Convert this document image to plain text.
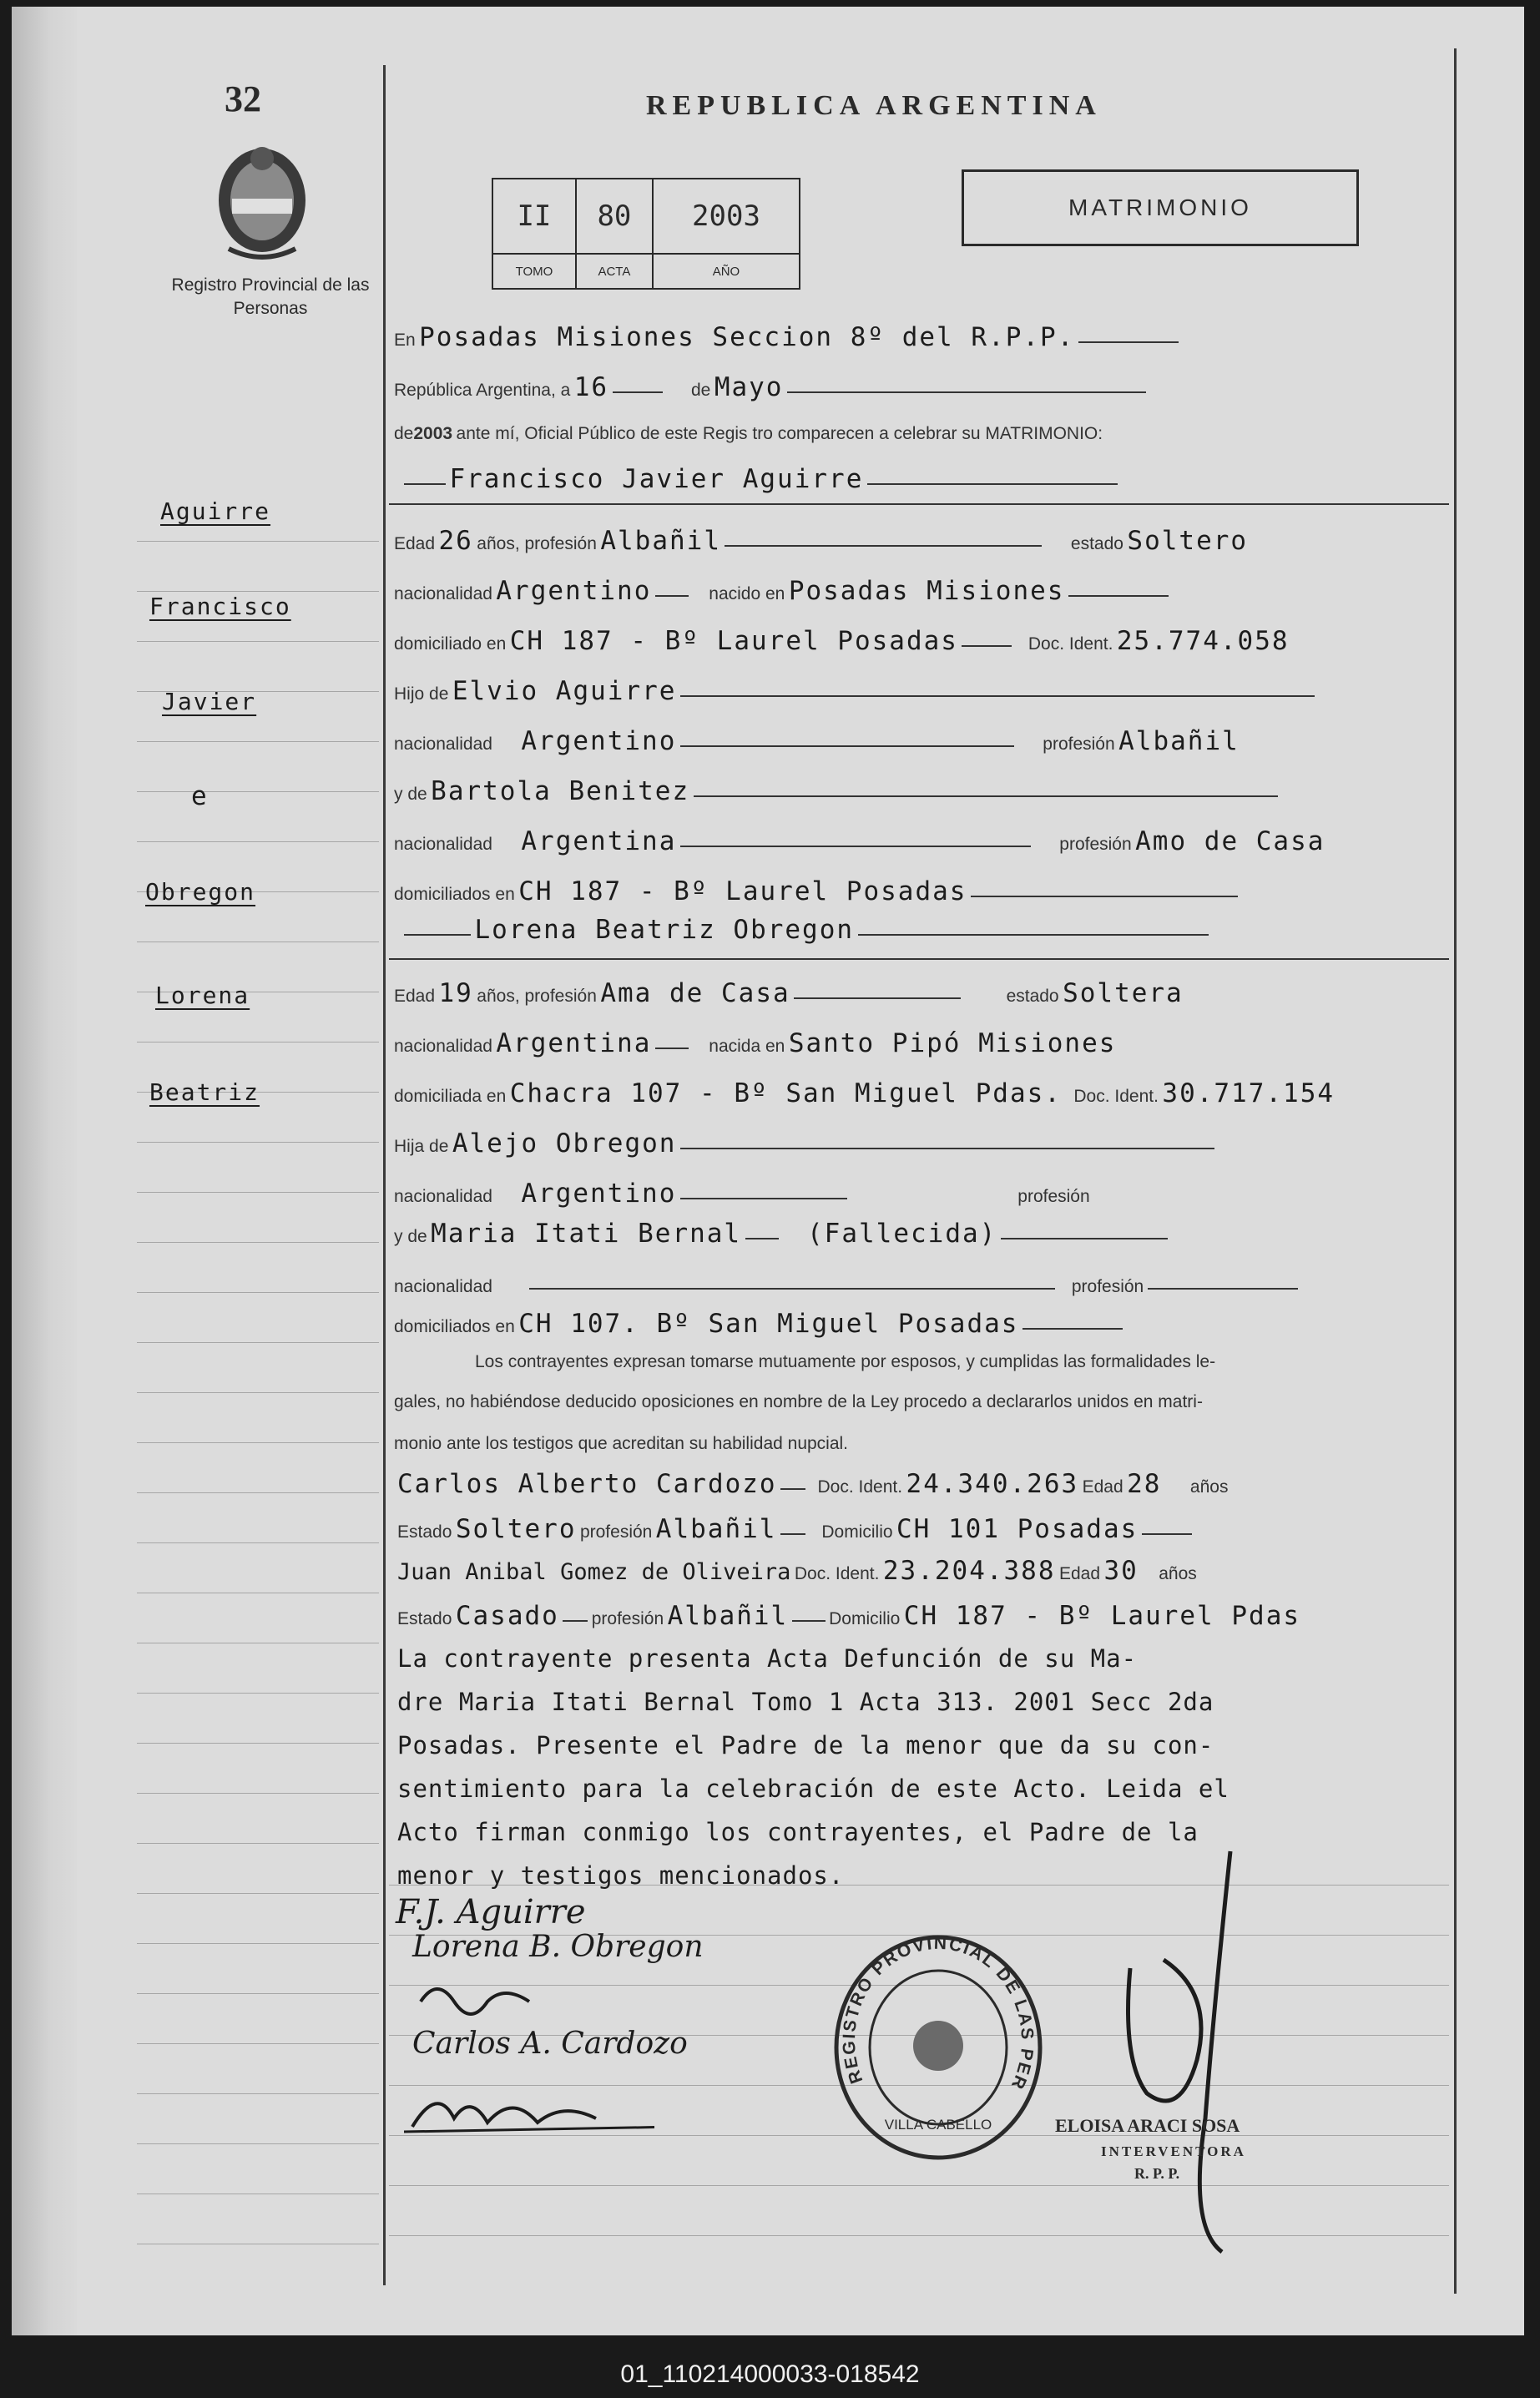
32
Registro Provincial de las Personas
Aguirre
Francisco
Javier
e
Obregon
Lorena
Beatriz
REPUBLICA ARGENTINA
II	80	2003
TOMO	ACTA	AÑO
MATRIMONIO
En Posadas Misiones Seccion 8º del R.P.P.
República Argentina, a 16	de Mayo
de2003 ante mí, Oficial Público de este Regis tro comparecen a celebrar su MATRIMONIO:
Francisco Javier Aguirre
Edad 26 años, profesión Albañil	estado Soltero
nacionalidad Argentino	nacido en Posadas Misiones
domiciliado en CH 187 - Bº Laurel Posadas	Doc. Ident. 25.774.058
Hijo de Elvio Aguirre
nacionalidad Argentino	profesión Albañil
y de Bartola Benitez
nacionalidad Argentina	profesión Amo de Casa
domiciliados en CH 187 - Bº Laurel Posadas
Lorena Beatriz Obregon
Edad 19 años, profesión Ama de Casa	estado Soltera
nacionalidad Argentina	nacida en Santo Pipó Misiones
domiciliada en Chacra 107 - Bº San Miguel Pdas. Doc. Ident. 30.717.154
Hija de Alejo Obregon
nacionalidad Argentino	profesión
y de Maria Itati Bernal	(Fallecida)
nacionalidad	profesión
domiciliados en CH 107. Bº San Miguel Posadas
Los contrayentes expresan tomarse mutuamente por esposos, y cumplidas las formalidades le-
gales, no habiéndose deducido oposiciones en nombre de la Ley procedo a declararlos unidos en matri-
monio ante los testigos que acreditan su habilidad nupcial.
Carlos Alberto Cardozo Doc. Ident. 24.340.263 Edad 28 años
Estado Soltero profesión Albañil	Domicilio CH 101 Posadas
Juan Anibal Gomez de Oliveira Doc. Ident. 23.204.388 Edad 30 años
Estado Casado profesión Albañil Domicilio CH 187 - Bº Laurel Pdas
La contrayente presenta Acta Defunción de su Ma-
dre Maria Itati Bernal Tomo 1 Acta 313. 2001 Secc 2da
Posadas. Presente el Padre de la menor que da su con-
sentimiento para la celebración de este Acto. Leida el
Acto firman conmigo los contrayentes, el Padre de la
menor y testigos mencionados.
F.J. Aguirre
Lorena B. Obregon
Carlos A. Cardozo
REGISTRO PROVINCIAL DE LAS PER
VILLA CABELLO	ELOISA ARACI SOSA
INTERVENTORA
R. P. P.
01_110214000033-018542
